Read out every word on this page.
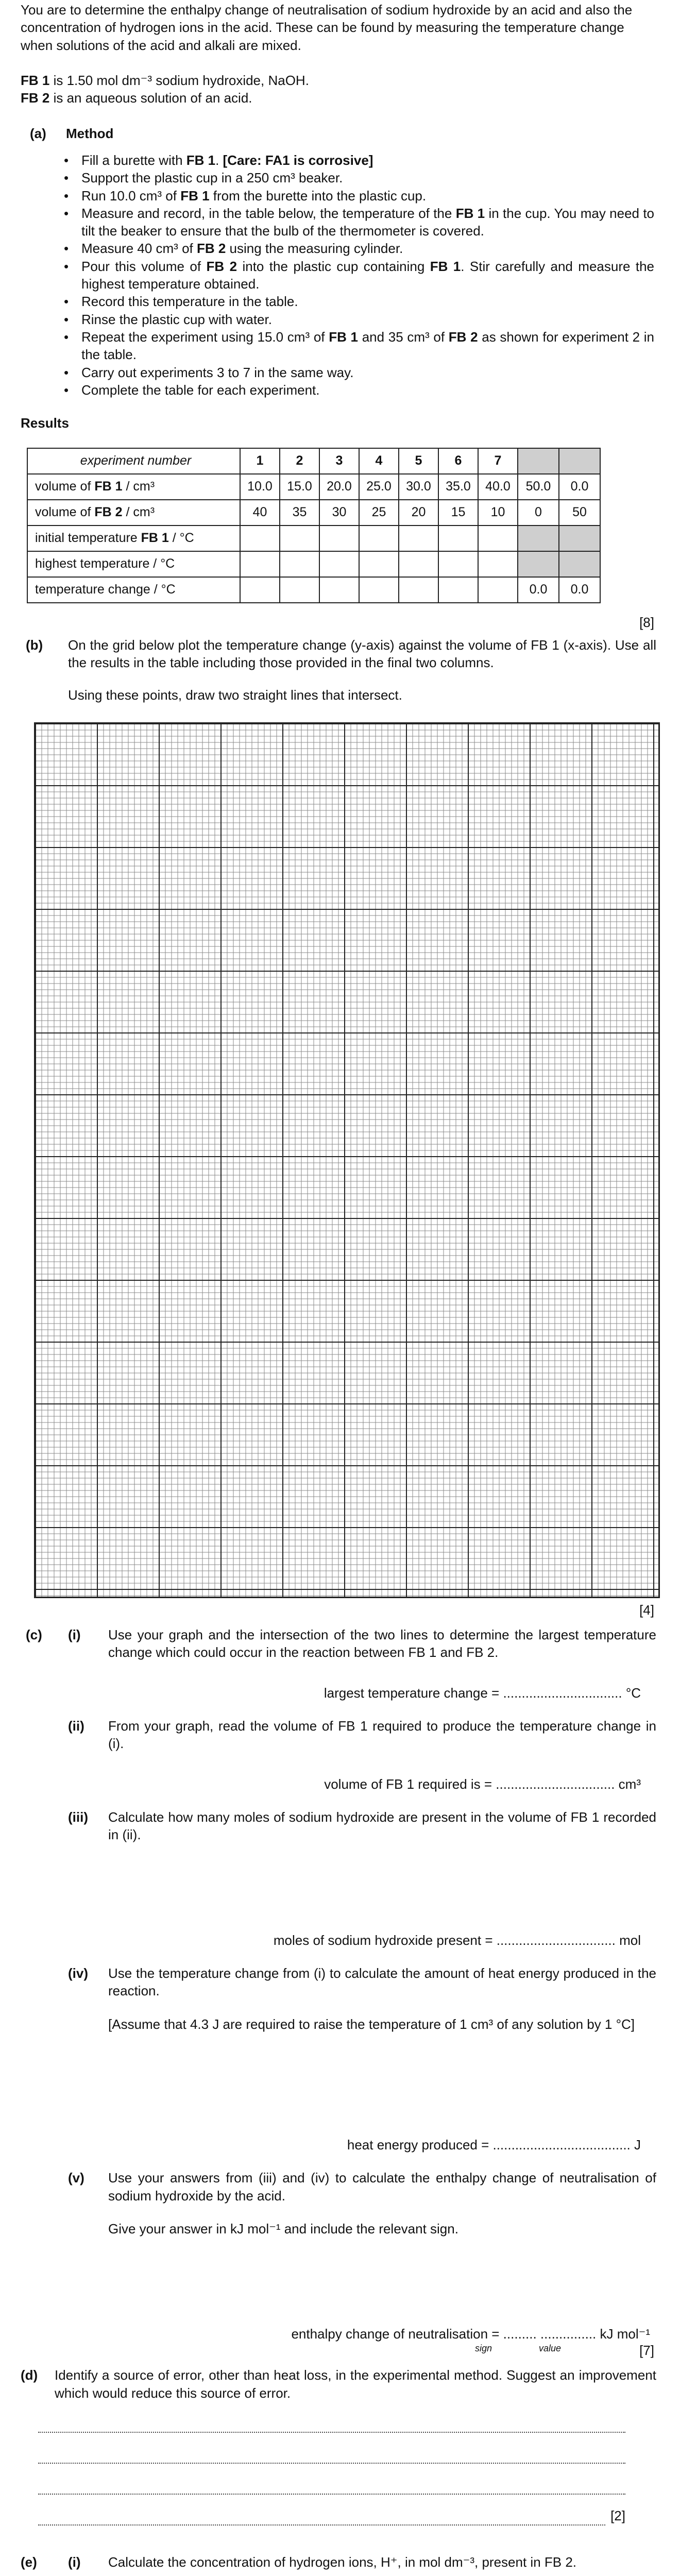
You are to determine the enthalpy change of neutralisation of sodium hydroxide by an acid and also the concentration of hydrogen ions in the acid. These can be found by measuring the temperature change when solutions of the acid and alkali are mixed.

FB 1 is 1.50 mol dm⁻³ sodium hydroxide, NaOH.

FB 2 is an aqueous solution of an acid.

(a)	Method
• Fill a burette with FB 1. [Care: FA1 is corrosive]
• Support the plastic cup in a 250 cm³ beaker.
• Run 10.0 cm³ of FB 1 from the burette into the plastic cup.
• Measure and record, in the table below, the temperature of the FB 1 in the cup. You may need to tilt the beaker to ensure that the bulb of the thermometer is covered.
• Measure 40 cm³ of FB 2 using the measuring cylinder.
• Pour this volume of FB 2 into the plastic cup containing FB 1. Stir carefully and measure the highest temperature obtained.
• Record this temperature in the table.
• Rinse the plastic cup with water.
• Repeat the experiment using 15.0 cm³ of FB 1 and 35 cm³ of FB 2 as shown for experiment 2 in the table.
• Carry out experiments 3 to 7 in the same way.
• Complete the table for each experiment.

Results

experiment number	1	2	3	4	5	6	7		
volume of FB 1 / cm³	10.0	15.0	20.0	25.0	30.0	35.0	40.0	50.0	0.0
volume of FB 2 / cm³	40	35	30	25	20	15	10	0	50
initial temperature FB 1 / °C									
highest temperature / °C									
temperature change / °C								0.0	0.0

[8]

(b)	On the grid below plot the temperature change (y-axis) against the volume of FB 1 (x-axis). Use all the results in the table including those provided in the final two columns.

Using these points, draw two straight lines that intersect.

[4]

(c)	(i)	Use your graph and the intersection of the two lines to determine the largest temperature change which could occur in the reaction between FB 1 and FB 2.

largest temperature change = ................................ °C

(ii)	From your graph, read the volume of FB 1 required to produce the temperature change in (i).

volume of FB 1 required is = ................................ cm³

(iii)	Calculate how many moles of sodium hydroxide are present in the volume of FB 1 recorded in (ii).

moles of sodium hydroxide present = ................................ mol

(iv)	Use the temperature change from (i) to calculate the amount of heat energy produced in the reaction.

[Assume that 4.3 J are required to raise the temperature of 1 cm³ of any solution by 1 °C]

heat energy produced = ..................................... J

(v)	Use your answers from (iii) and (iv) to calculate the enthalpy change of neutralisation of sodium hydroxide by the acid.

Give your answer in kJ mol⁻¹ and include the relevant sign.

enthalpy change of neutralisation = ......... ............... kJ mol⁻¹

sign	value	[7]
(d)	Identify a source of error, other than heat loss, in the experimental method. Suggest an improvement which would reduce this source of error.

[2]
(e)	(i)	Calculate the concentration of hydrogen ions, H⁺, in mol dm⁻³, present in FB 2.
